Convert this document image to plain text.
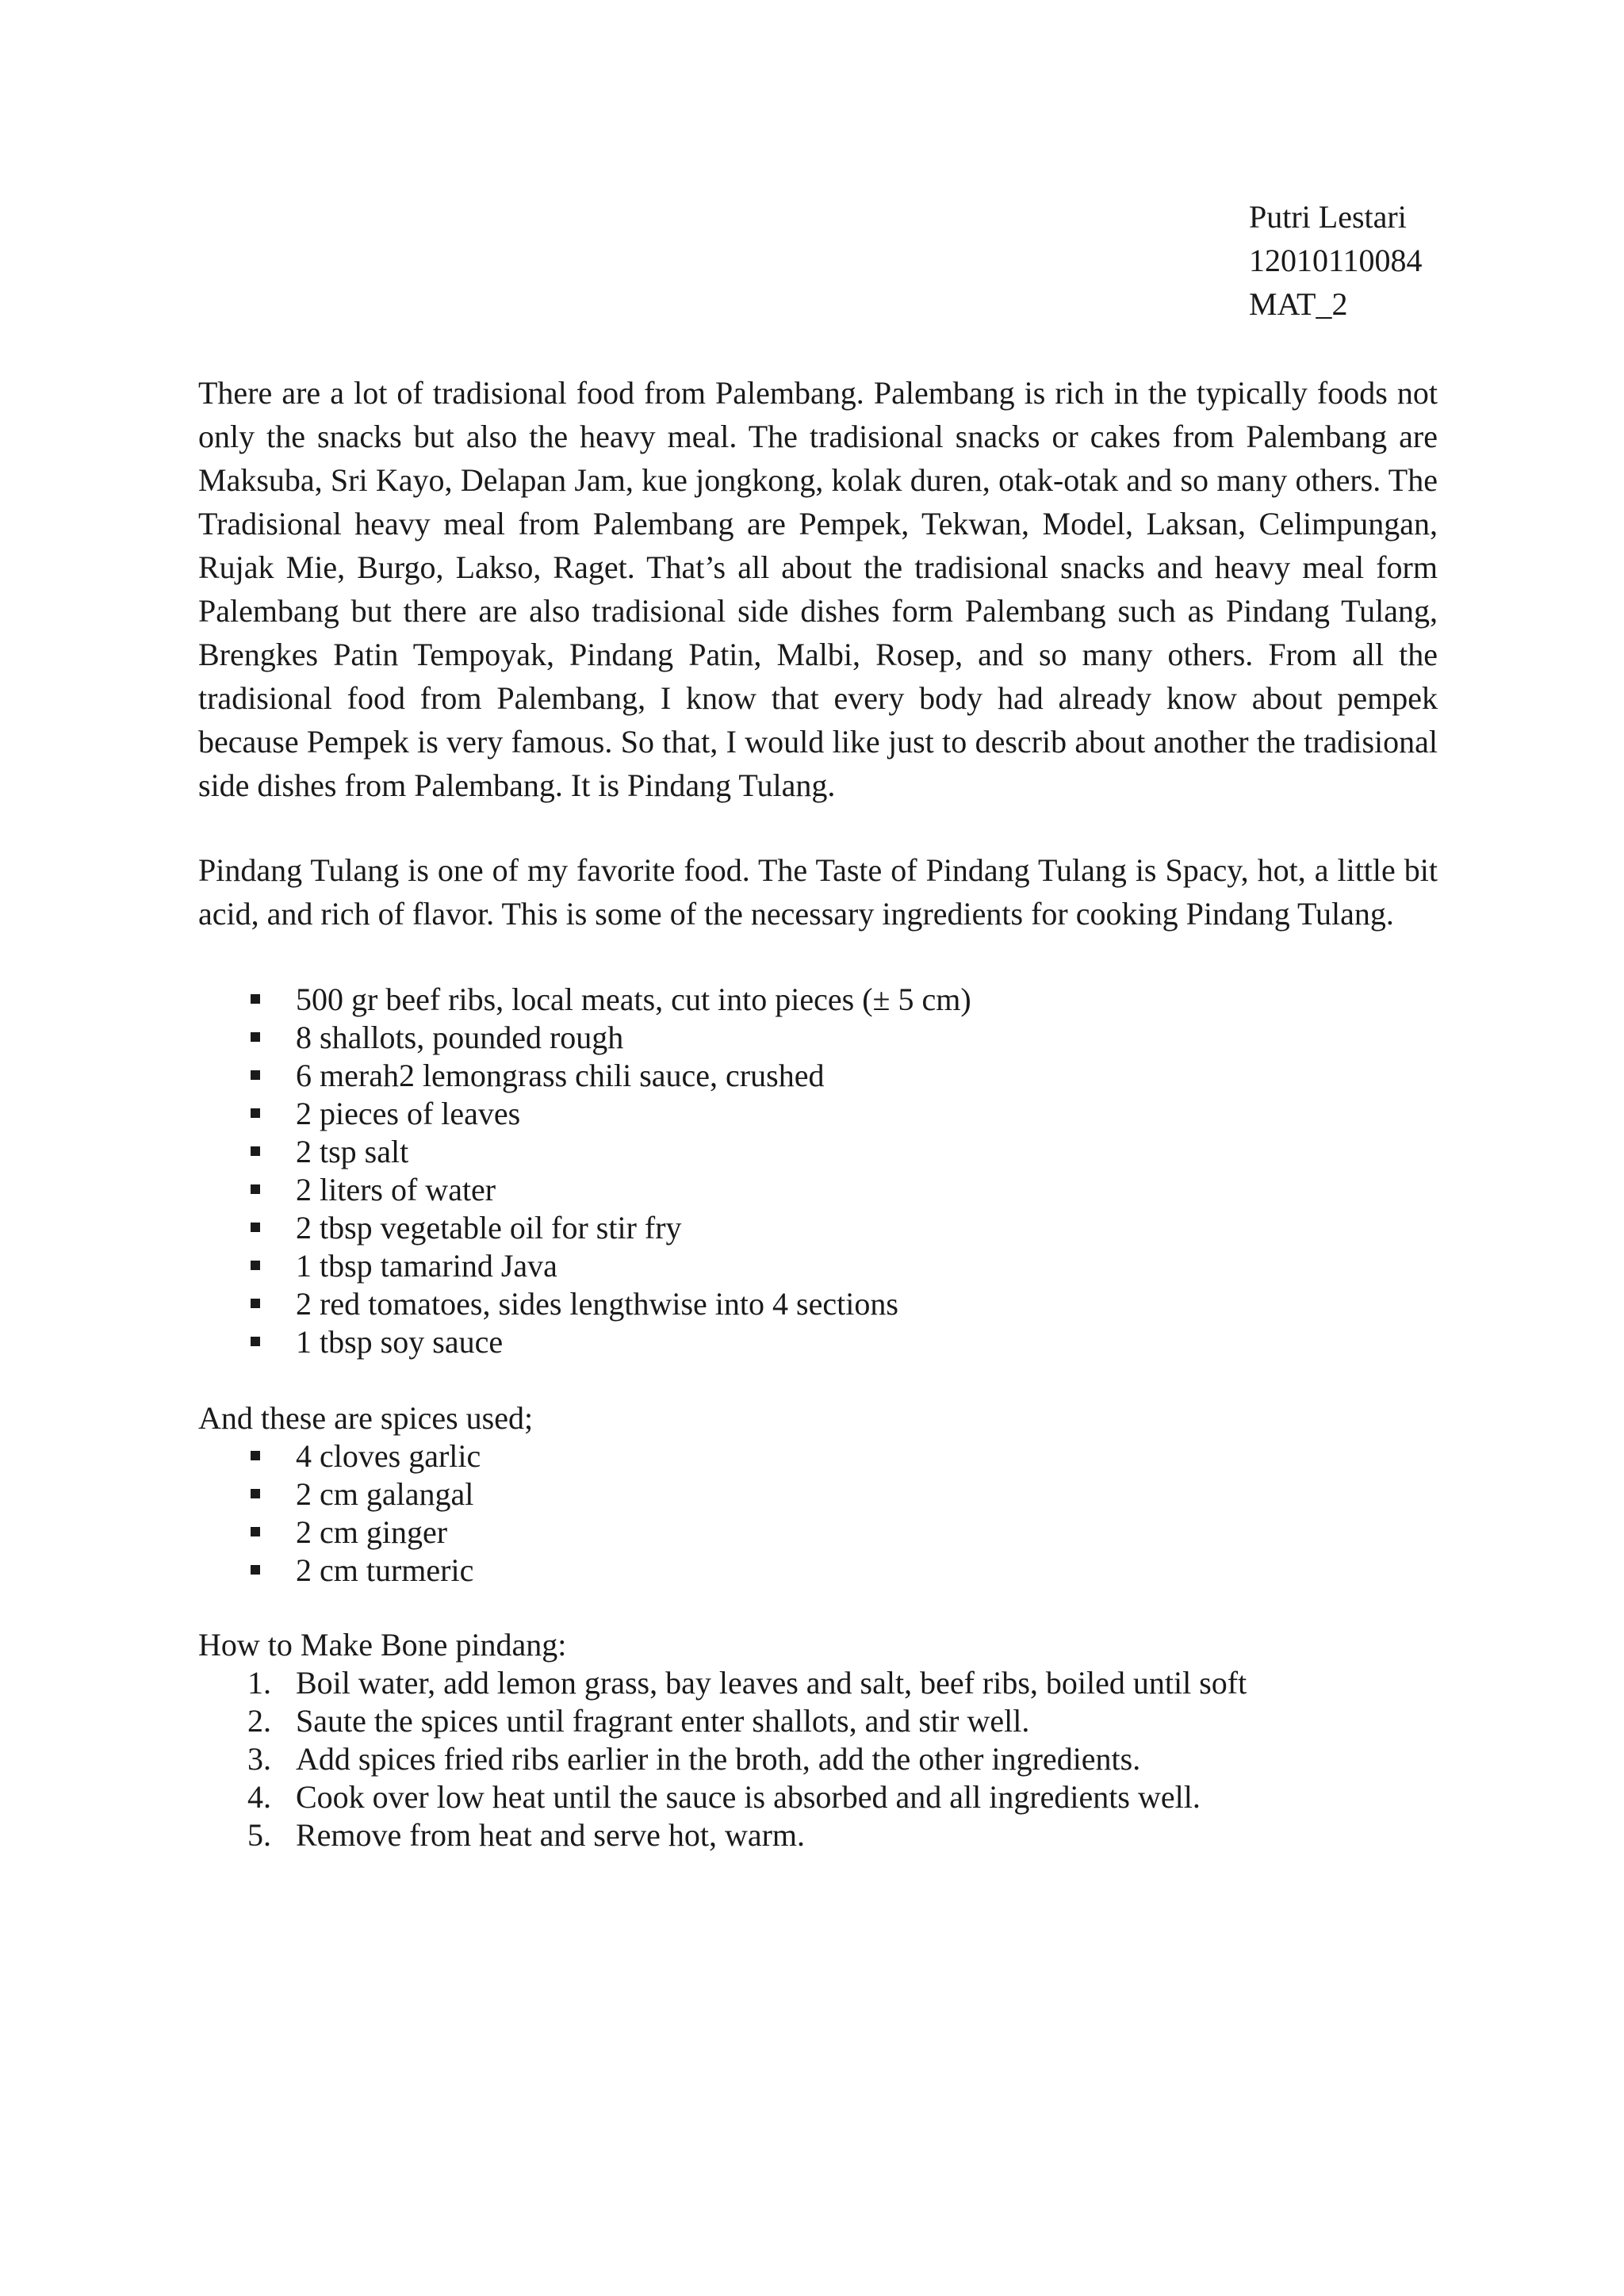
Putri Lestari
12010110084
MAT_2

There are a lot of tradisional food from Palembang. Palembang is rich in the typically foods not only the snacks but also the heavy meal. The tradisional snacks or cakes from Palembang are Maksuba, Sri Kayo, Delapan Jam, kue jongkong, kolak duren, otak-otak and so many others. The Tradisional heavy meal from Palembang are Pempek, Tekwan, Model, Laksan, Celimpungan, Rujak Mie, Burgo, Lakso, Raget. That’s all about the tradisional snacks and heavy meal form Palembang but there are also tradisional side dishes form Palembang such as Pindang Tulang, Brengkes Patin Tempoyak, Pindang Patin, Malbi, Rosep, and so many others. From all the tradisional food from Palembang, I know that every body had already know about pempek because Pempek is very famous. So that, I would like just to describ about another the tradisional side dishes from Palembang. It is Pindang Tulang.

Pindang Tulang is one of my favorite food. The Taste of Pindang Tulang is Spacy, hot, a little bit acid, and rich of flavor. This is some of the necessary ingredients for cooking Pindang Tulang.

500 gr beef ribs, local meats, cut into pieces (± 5 cm)
8 shallots, pounded rough
6 merah2 lemongrass chili sauce, crushed
2 pieces of leaves
2 tsp salt
2 liters of water
2 tbsp vegetable oil for stir fry
1 tbsp tamarind Java
2 red tomatoes, sides lengthwise into 4 sections
1 tbsp soy sauce
And these are spices used;
4 cloves garlic
2 cm galangal
2 cm ginger
2 cm turmeric
How to Make Bone pindang:
1. Boil water, add lemon grass, bay leaves and salt, beef ribs, boiled until soft
2. Saute the spices until fragrant enter shallots, and stir well.
3. Add spices fried ribs earlier in the broth, add the other ingredients.
4. Cook over low heat until the sauce is absorbed and all ingredients well.
5. Remove from heat and serve hot, warm.
